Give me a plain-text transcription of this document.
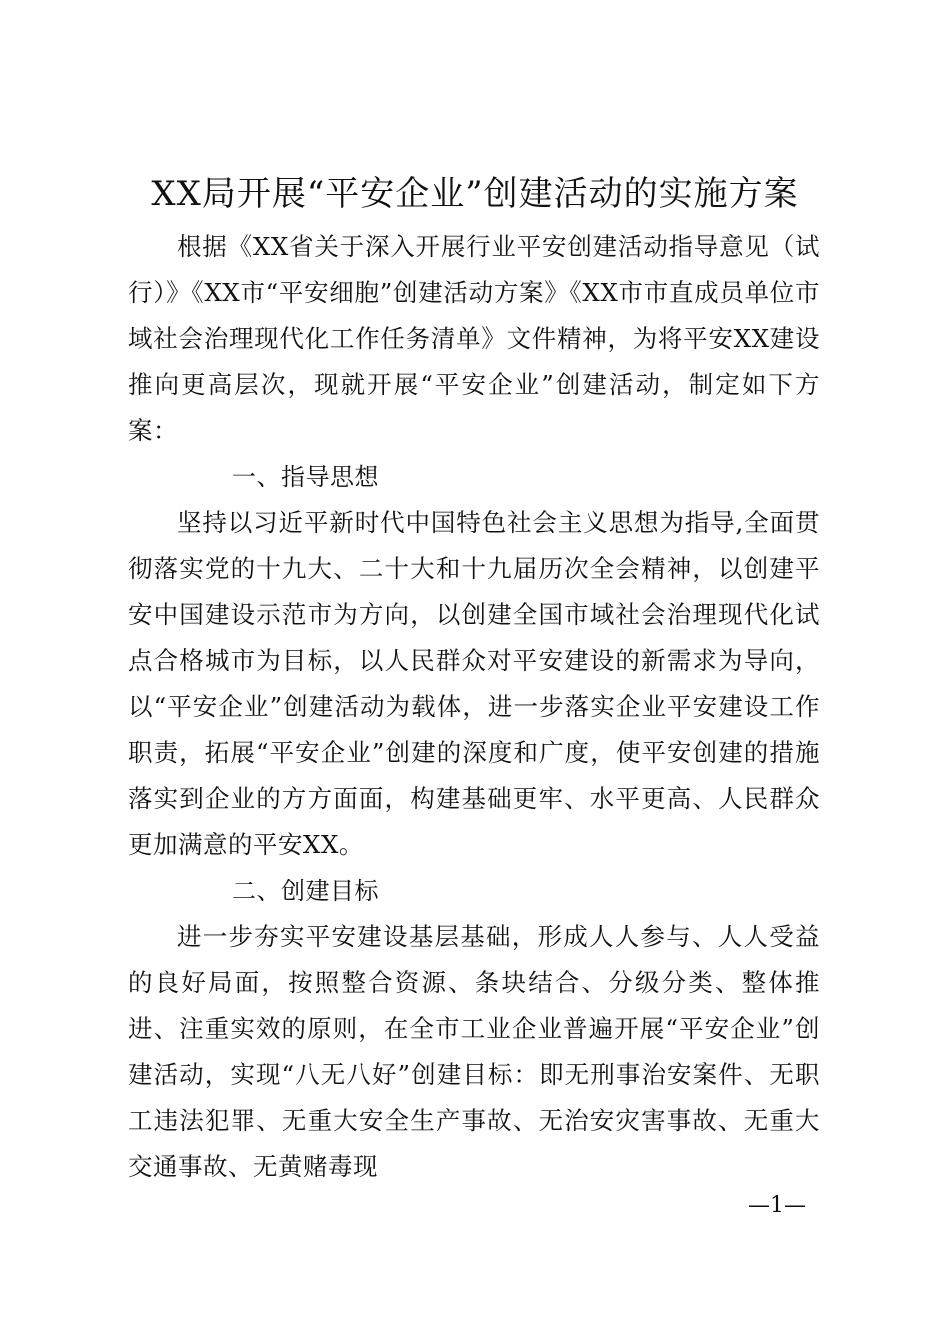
XX局开展“平安企业”创建活动的实施方案

根据《XX省关于深入开展行业平安创建活动指导意见（试行）》《XX市“平安细胞”创建活动方案》《XX市市直成员单位市域社会治理现代化工作任务清单》文件精神，为将平安XX建设推向更高层次，现就开展“平安企业”创建活动，制定如下方案：

一、指导思想

坚持以习近平新时代中国特色社会主义思想为指导,全面贯彻落实党的十九大、二十大和十九届历次全会精神，以创建平安中国建设示范市为方向，以创建全国市域社会治理现代化试点合格城市为目标，以人民群众对平安建设的新需求为导向，以“平安企业”创建活动为载体，进一步落实企业平安建设工作职责，拓展“平安企业”创建的深度和广度，使平安创建的措施落实到企业的方方面面，构建基础更牢、水平更高、人民群众更加满意的平安XX。

二、创建目标

进一步夯实平安建设基层基础，形成人人参与、人人受益的良好局面，按照整合资源、条块结合、分级分类、整体推进、注重实效的原则，在全市工业企业普遍开展“平安企业”创建活动，实现“八无八好”创建目标：即无刑事治安案件、无职工违法犯罪、无重大安全生产事故、无治安灾害事故、无重大交通事故、无黄赌毒现

—1—
